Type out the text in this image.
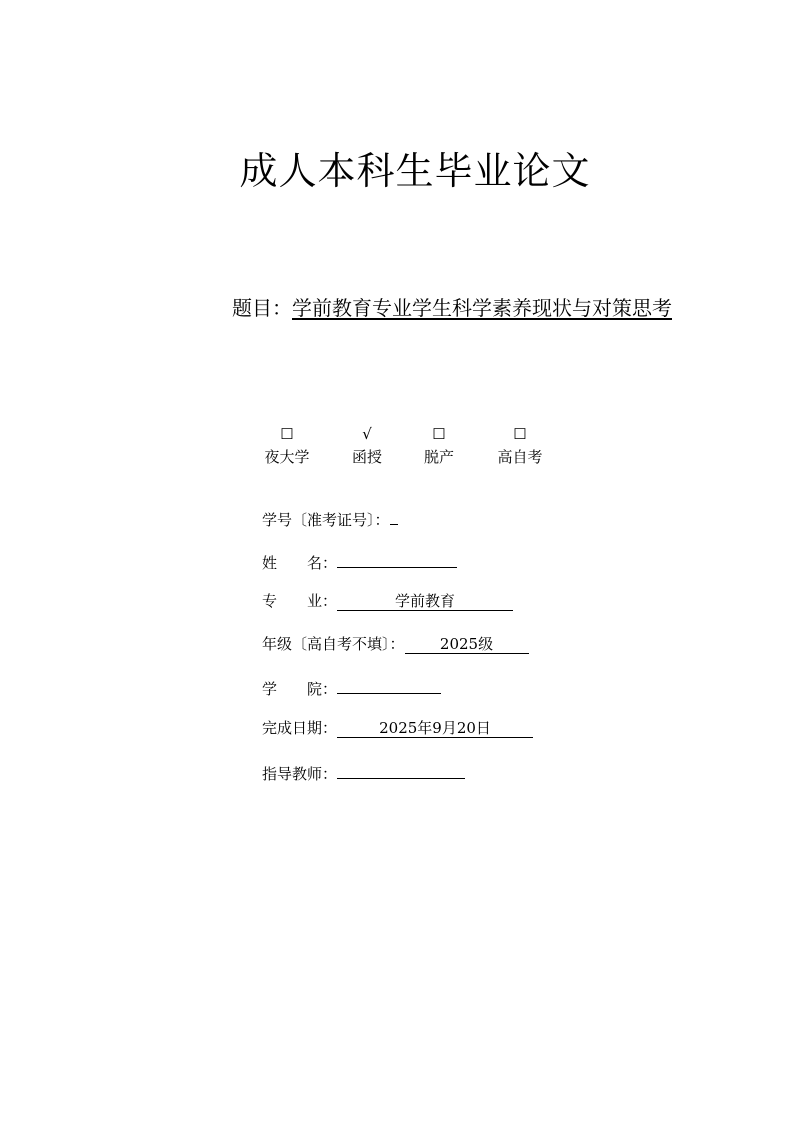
成人本科生毕业论文
题目：学前教育专业学生科学素养现状与对策思考
☐
夜大学
√
函授
☐
脱产
☐
高自考
学号〔准考证号〕：
姓　　名：
专　　业：	学前教育
年级〔高自考不填〕： 2025级
学　　院：
完成日期：	2025年9月20日
指导教师：
